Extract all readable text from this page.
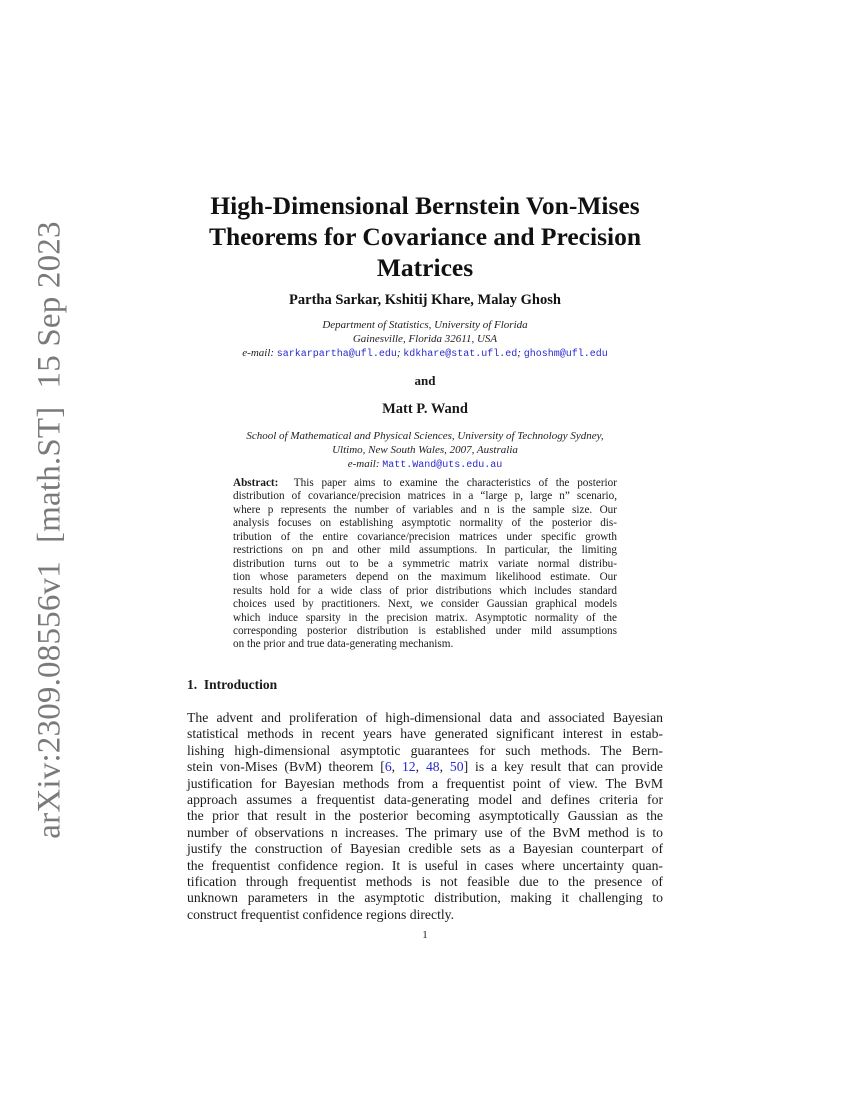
arXiv:2309.08556v1[math.ST]15 Sep 2023
High-Dimensional Bernstein Von-Mises
Theorems for Covariance and Precision
Matrices
Partha Sarkar, Kshitij Khare, Malay Ghosh
Department of Statistics, University of Florida
Gainesville, Florida 32611, USA
e-mail: sarkarpartha@ufl.edu; kdkhare@stat.ufl.ed; ghoshm@ufl.edu
and
Matt P. Wand
School of Mathematical and Physical Sciences, University of Technology Sydney,
Ultimo, New South Wales, 2007, Australia
e-mail: Matt.Wand@uts.edu.au
Abstract: This paper aims to examine the characteristics of the posterior
distribution of covariance/precision matrices in a “large p, large n” scenario,
where p represents the number of variables and n is the sample size. Our
analysis focuses on establishing asymptotic normality of the posterior dis-
tribution of the entire covariance/precision matrices under specific growth
restrictions on pn and other mild assumptions. In particular, the limiting
distribution turns out to be a symmetric matrix variate normal distribu-
tion whose parameters depend on the maximum likelihood estimate. Our
results hold for a wide class of prior distributions which includes standard
choices used by practitioners. Next, we consider Gaussian graphical models
which induce sparsity in the precision matrix. Asymptotic normality of the
corresponding posterior distribution is established under mild assumptions
on the prior and true data-generating mechanism.
1. Introduction
The advent and proliferation of high-dimensional data and associated Bayesian
statistical methods in recent years have generated significant interest in estab-
lishing high-dimensional asymptotic guarantees for such methods. The Bern-
stein von-Mises (BvM) theorem [6, 12, 48, 50] is a key result that can provide
justification for Bayesian methods from a frequentist point of view. The BvM
approach assumes a frequentist data-generating model and defines criteria for
the prior that result in the posterior becoming asymptotically Gaussian as the
number of observations n increases. The primary use of the BvM method is to
justify the construction of Bayesian credible sets as a Bayesian counterpart of
the frequentist confidence region. It is useful in cases where uncertainty quan-
tification through frequentist methods is not feasible due to the presence of
unknown parameters in the asymptotic distribution, making it challenging to
construct frequentist confidence regions directly.
1
